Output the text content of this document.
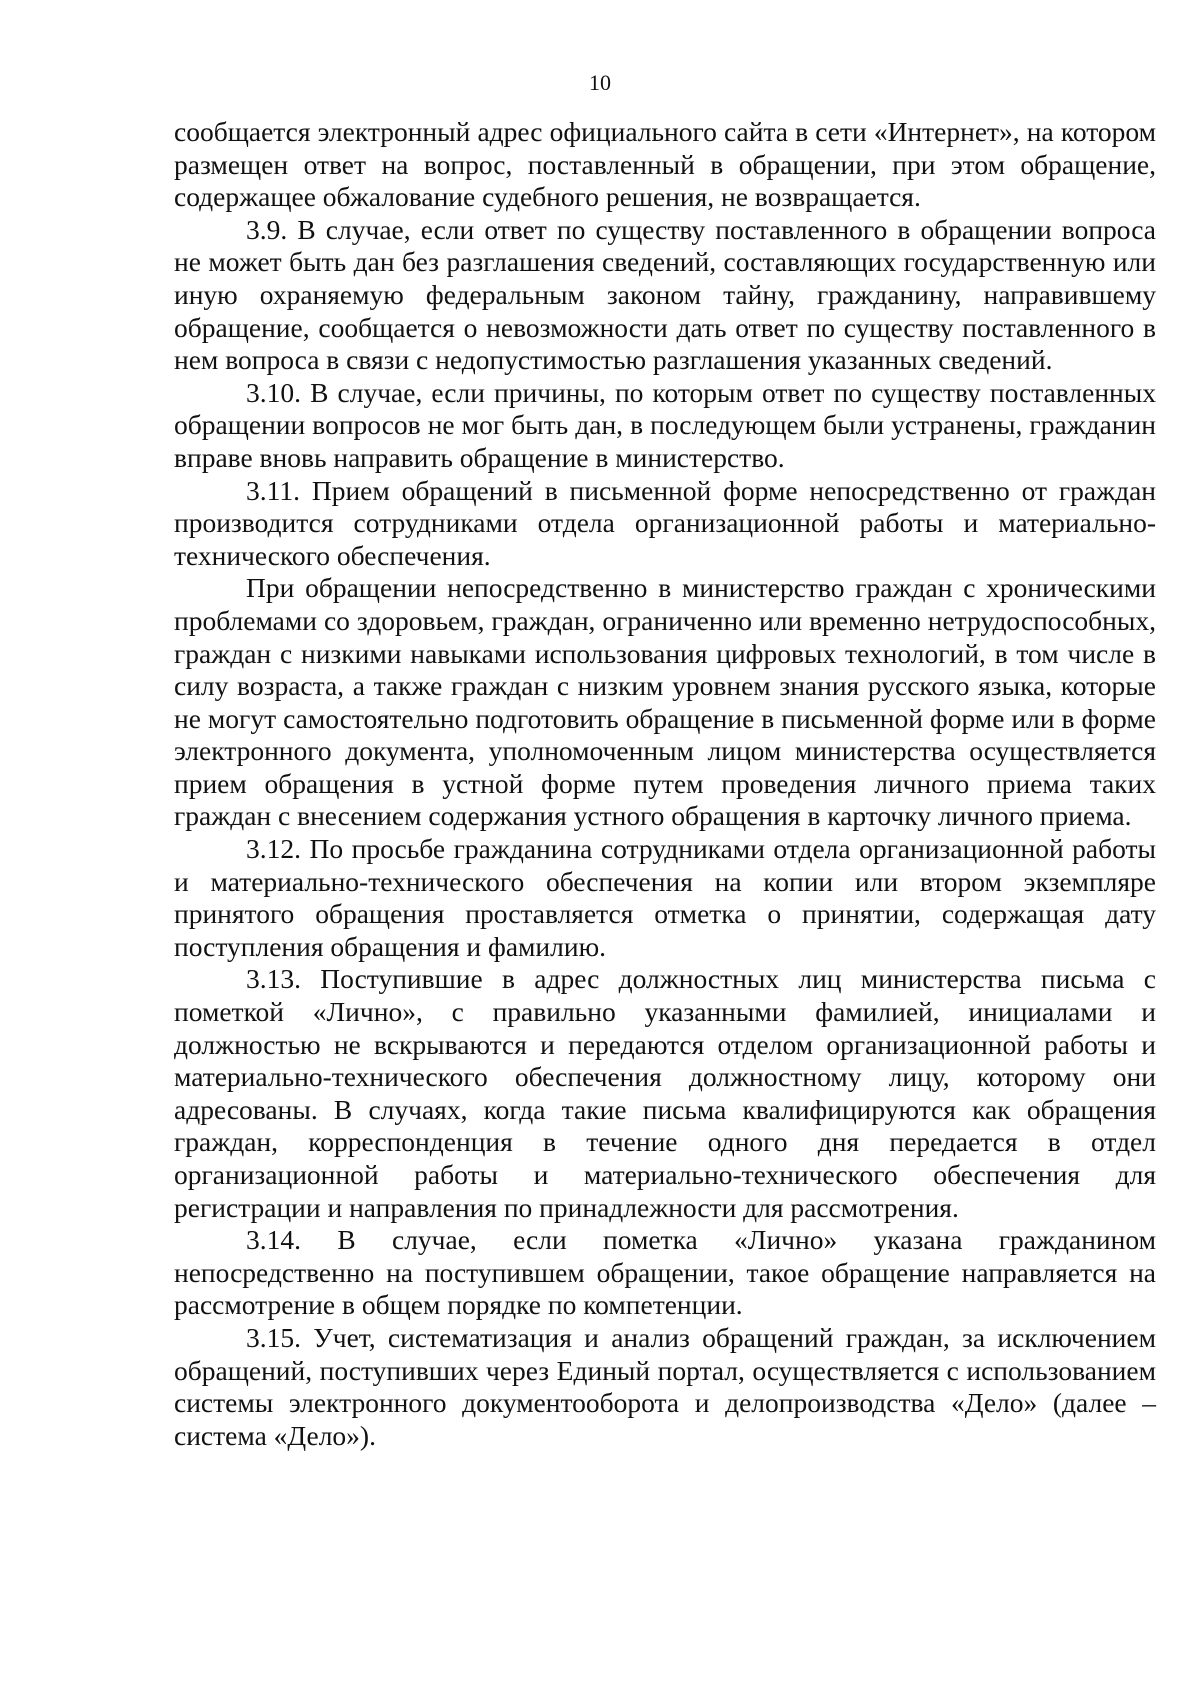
10

сообщается электронный адрес официального сайта в сети «Интернет», на котором размещен ответ на вопрос, поставленный в обращении, при этом обращение, содержащее обжалование судебного решения, не возвращается.

3.9. В случае, если ответ по существу поставленного в обращении вопроса не может быть дан без разглашения сведений, составляющих государственную или иную охраняемую федеральным законом тайну, гражданину, направившему обращение, сообщается о невозможности дать ответ по существу поставленного в нем вопроса в связи с недопустимостью разглашения указанных сведений.

3.10. В случае, если причины, по которым ответ по существу поставленных обращении вопросов не мог быть дан, в последующем были устранены, гражданин вправе вновь направить обращение в министерство.

3.11. Прием обращений в письменной форме непосредственно от граждан производится сотрудниками отдела организационной работы и материально-технического обеспечения.

При обращении непосредственно в министерство граждан с хроническими проблемами со здоровьем, граждан, ограниченно или временно нетрудоспособных, граждан с низкими навыками использования цифровых технологий, в том числе в силу возраста, а также граждан с низким уровнем знания русского языка, которые не могут самостоятельно подготовить обращение в письменной форме или в форме электронного документа, уполномоченным лицом министерства осуществляется прием обращения в устной форме путем проведения личного приема таких граждан с внесением содержания устного обращения в карточку личного приема.

3.12. По просьбе гражданина сотрудниками отдела организационной работы и материально-технического обеспечения на копии или втором экземпляре принятого обращения проставляется отметка о принятии, содержащая дату поступления обращения и фамилию.

3.13. Поступившие в адрес должностных лиц министерства письма с пометкой «Лично», с правильно указанными фамилией, инициалами и должностью не вскрываются и передаются отделом организационной работы и материально-технического обеспечения должностному лицу, которому они адресованы. В случаях, когда такие письма квалифицируются как обращения граждан, корреспонденция в течение одного дня передается в отдел организационной работы и материально-технического обеспечения для регистрации и направления по принадлежности для рассмотрения.

3.14. В случае, если пометка «Лично» указана гражданином непосредственно на поступившем обращении, такое обращение направляется на рассмотрение в общем порядке по компетенции.

3.15. Учет, систематизация и анализ обращений граждан, за исключением обращений, поступивших через Единый портал, осуществляется с использованием системы электронного документооборота и делопроизводства «Дело» (далее – система «Дело»).
